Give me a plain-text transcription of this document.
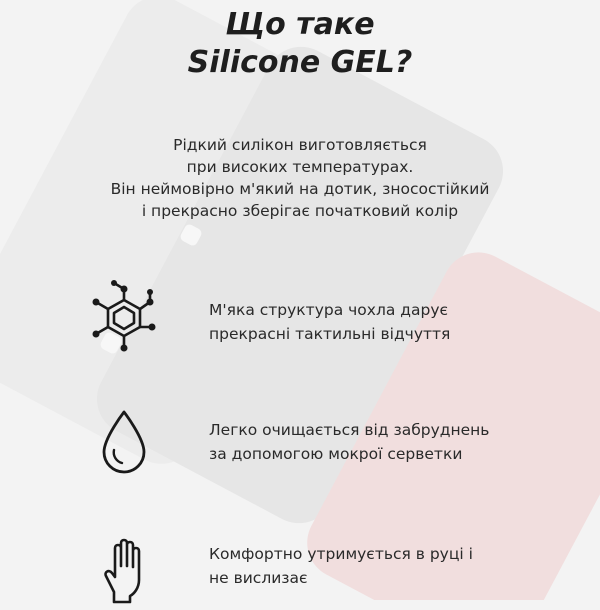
Що таке
Silicone GEL?
Рідкий силікон виготовляється
при високих температурах.
Він неймовірно м'який на дотик, зносостійкий
і прекрасно зберігає початковий колір
М'яка структура чохла дарує
прекрасні тактильні відчуття
Легко очищається від забруднень
за допомогою мокрої серветки
Комфортно утримується в руці і
не вислизає
